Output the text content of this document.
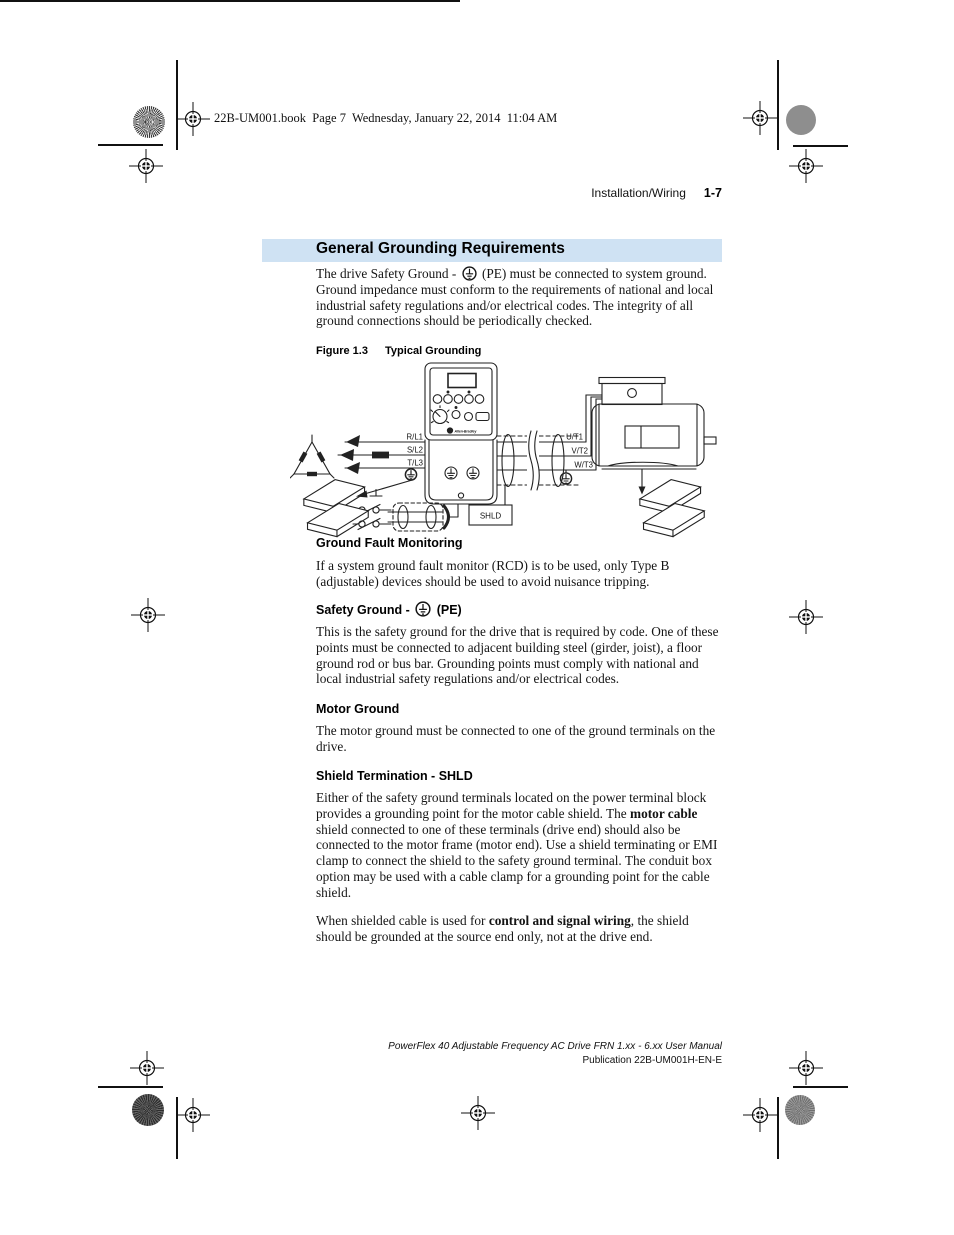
22B-UM001.book  Page 7  Wednesday, January 22, 2014  11:04 AM
Installation/Wiring 1-7
General Grounding Requirements
The drive Safety Ground -  (PE) must be connected to system ground. Ground impedance must conform to the requirements of national and local industrial safety regulations and/or electrical codes. The integrity of all ground connections should be periodically checked.
Figure 1.3 Typical Grounding
R/L1
S/L2
T/L3
Allen-Bradley
SHLD
U/T1
V/T2
W/T3
Ground Fault Monitoring
If a system ground fault monitor (RCD) is to be used, only Type B (adjustable) devices should be used to avoid nuisance tripping.
Safety Ground -  (PE)
This is the safety ground for the drive that is required by code. One of these points must be connected to adjacent building steel (girder, joist), a floor ground rod or bus bar. Grounding points must comply with national and local industrial safety regulations and/or electrical codes.
Motor Ground
The motor ground must be connected to one of the ground terminals on the drive.
Shield Termination - SHLD
Either of the safety ground terminals located on the power terminal block provides a grounding point for the motor cable shield. The motor cable shield connected to one of these terminals (drive end) should also be connected to the motor frame (motor end). Use a shield terminating or EMI clamp to connect the shield to the safety ground terminal. The conduit box option may be used with a cable clamp for a grounding point for the cable shield.
When shielded cable is used for control and signal wiring, the shield should be grounded at the source end only, not at the drive end.
PowerFlex 40 Adjustable Frequency AC Drive FRN 1.xx - 6.xx User Manual
Publication 22B-UM001H-EN-E
